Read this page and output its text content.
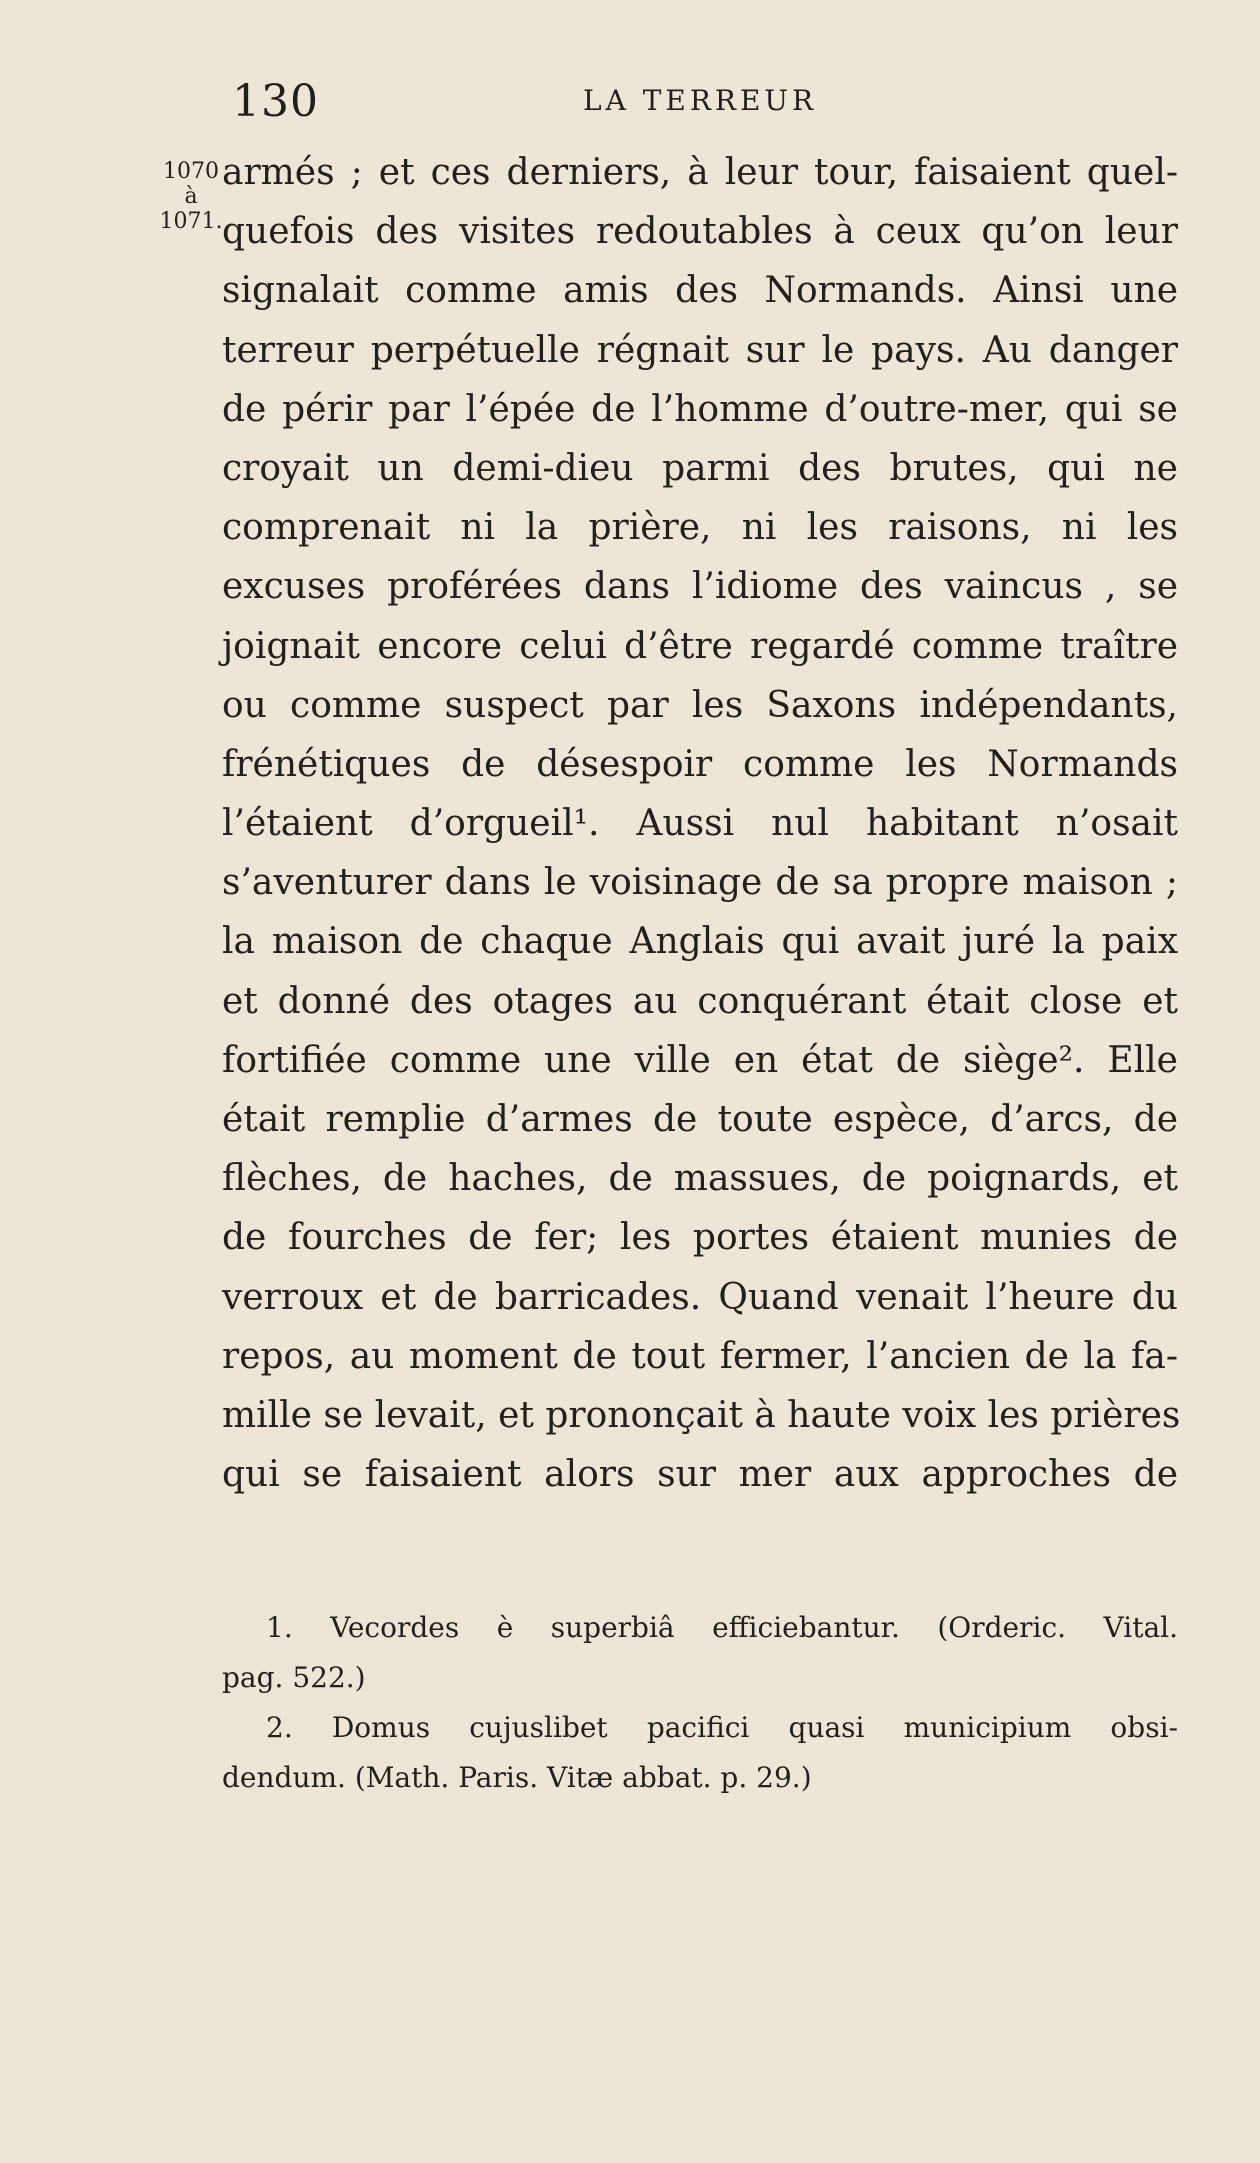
130	LA TERREUR
1070
à
1071.
armés ; et ces derniers, à leur tour, faisaient quel-
quefois des visites redoutables à ceux qu’on leur
signalait comme amis des Normands. Ainsi une
terreur perpétuelle régnait sur le pays. Au danger
de périr par l’épée de l’homme d’outre-mer, qui se
croyait un demi-dieu parmi des brutes, qui ne
comprenait ni la prière, ni les raisons, ni les
excuses proférées dans l’idiome des vaincus , se
joignait encore celui d’être regardé comme traître
ou comme suspect par les Saxons indépendants,
frénétiques de désespoir comme les Normands
l’étaient d’orgueil¹. Aussi nul habitant n’osait
s’aventurer dans le voisinage de sa propre maison ;
la maison de chaque Anglais qui avait juré la paix
et donné des otages au conquérant était close et
fortifiée comme une ville en état de siège². Elle
était remplie d’armes de toute espèce, d’arcs, de
flèches, de haches, de massues, de poignards, et
de fourches de fer; les portes étaient munies de
verroux et de barricades. Quand venait l’heure du
repos, au moment de tout fermer, l’ancien de la fa-
mille se levait, et prononçait à haute voix les prières
qui se faisaient alors sur mer aux approches de
1. Vecordes è superbiâ efficiebantur. (Orderic. Vital.
pag. 522.)
2. Domus cujuslibet pacifici quasi municipium obsi-
dendum. (Math. Paris. Vitæ abbat. p. 29.)
